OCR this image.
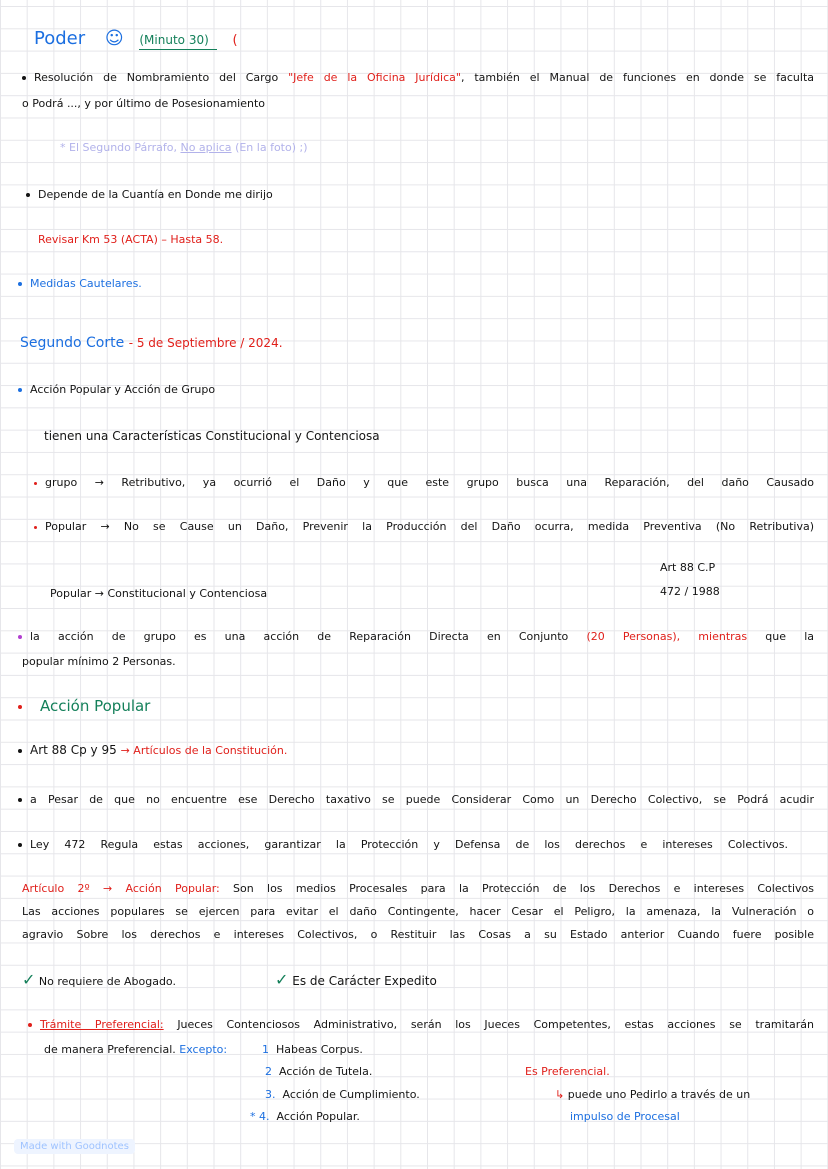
Poder ☺ (Minuto 30) (
Resolución de Nombramiento del Cargo "Jefe de la Oficina Jurídica", también el Manual de funciones en donde se faculta
o Podrá ..., y por último de Posesionamiento
* El Segundo Párrafo, No aplica (En la foto) ;)
Depende de la Cuantía en Donde me dirijo
Revisar Km 53 (ACTA) – Hasta 58.
Medidas Cautelares.
Segundo Corte - 5 de Septiembre / 2024.
Acción Popular y Acción de Grupo
tienen una Características Constitucional y Contenciosa
grupo → Retributivo, ya ocurrió el Daño y que este grupo busca una Reparación, del daño Causado
Popular → No se Cause un Daño, Prevenir la Producción del Daño ocurra, medida Preventiva (No Retributiva)
Art 88 C.P
472 / 1988
Popular → Constitucional y Contenciosa
la acción de grupo es una acción de Reparación Directa en Conjunto (20 Personas), mientras que la
popular mínimo 2 Personas.
Acción Popular
Art 88 Cp y 95 → Artículos de la Constitución.
a Pesar de que no encuentre ese Derecho taxativo se puede Considerar Como un Derecho Colectivo, se Podrá acudir
Ley 472 Regula estas acciones, garantizar la Protección y Defensa de los derechos e intereses Colectivos.
Artículo 2º → Acción Popular: Son los medios Procesales para la Protección de los Derechos e intereses Colectivos
Las acciones populares se ejercen para evitar el daño Contingente, hacer Cesar el Peligro, la amenaza, la Vulneración o
agravio Sobre los derechos e intereses Colectivos, o Restituir las Cosas a su Estado anterior Cuando fuere posible
✓ No requiere de Abogado.	✓ Es de Carácter Expedito
Trámite Preferencial: Jueces Contenciosos Administrativo, serán los Jueces Competentes, estas acciones se tramitarán
de manera Preferencial. Excepto:	1 Habeas Corpus.
2 Acción de Tutela.
3. Acción de Cumplimiento.
* 4. Acción Popular.
Es Preferencial.
↳ puede uno Pedirlo a través de un
impulso de Procesal
Made with Goodnotes
